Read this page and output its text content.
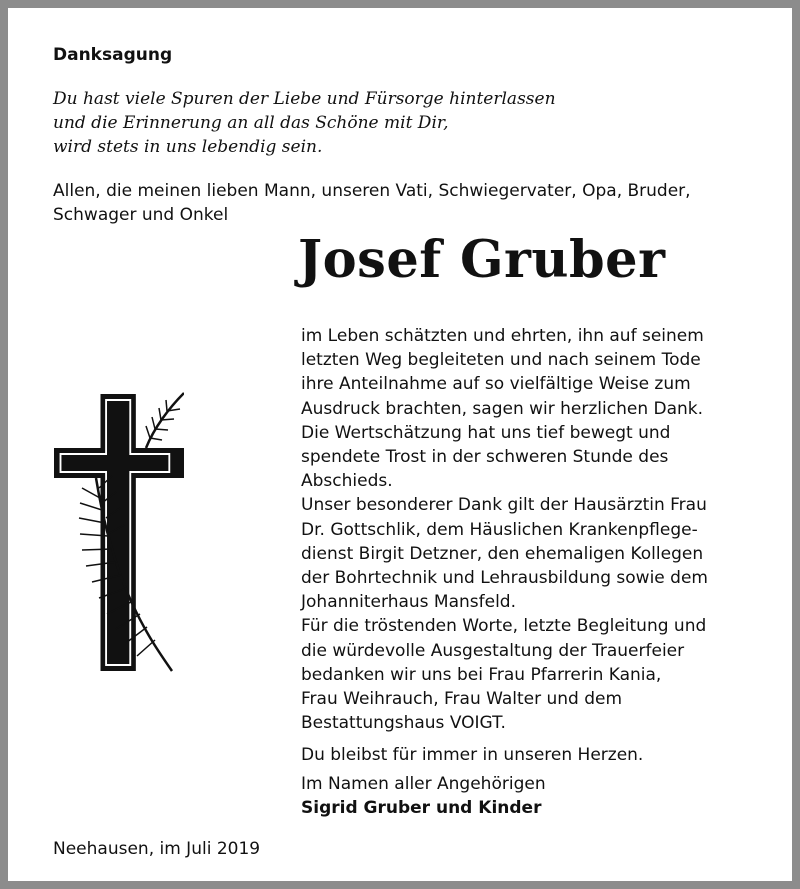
Danksagung
Du hast viele Spuren der Liebe und Fürsorge hinterlassen
und die Erinnerung an all das Schöne mit Dir,
wird stets in uns lebendig sein.
Allen, die meinen lieben Mann, unseren Vati, Schwiegervater, Opa, Bruder,
Schwager und Onkel
Josef Gruber
im Leben schätzten und ehrten, ihn auf seinem
letzten Weg begleiteten und nach seinem Tode
ihre Anteilnahme auf so vielfältige Weise zum
Ausdruck brachten, sagen wir herzlichen Dank.
Die Wertschätzung hat uns tief bewegt und
spendete Trost in der schweren Stunde des
Abschieds.
Unser besonderer Dank gilt der Hausärztin Frau
Dr. Gottschlik, dem Häuslichen Krankenpflege-
dienst Birgit Detzner, den ehemaligen Kollegen
der Bohrtechnik und Lehrausbildung sowie dem
Johanniterhaus Mansfeld.
Für die tröstenden Worte, letzte Begleitung und
die würdevolle Ausgestaltung der Trauerfeier
bedanken wir uns bei Frau Pfarrerin Kania,
Frau Weihrauch, Frau Walter und dem
Bestattungshaus VOIGT.
Du bleibst für immer in unseren Herzen.
Im Namen aller Angehörigen
Sigrid Gruber und Kinder
Neehausen, im Juli 2019
